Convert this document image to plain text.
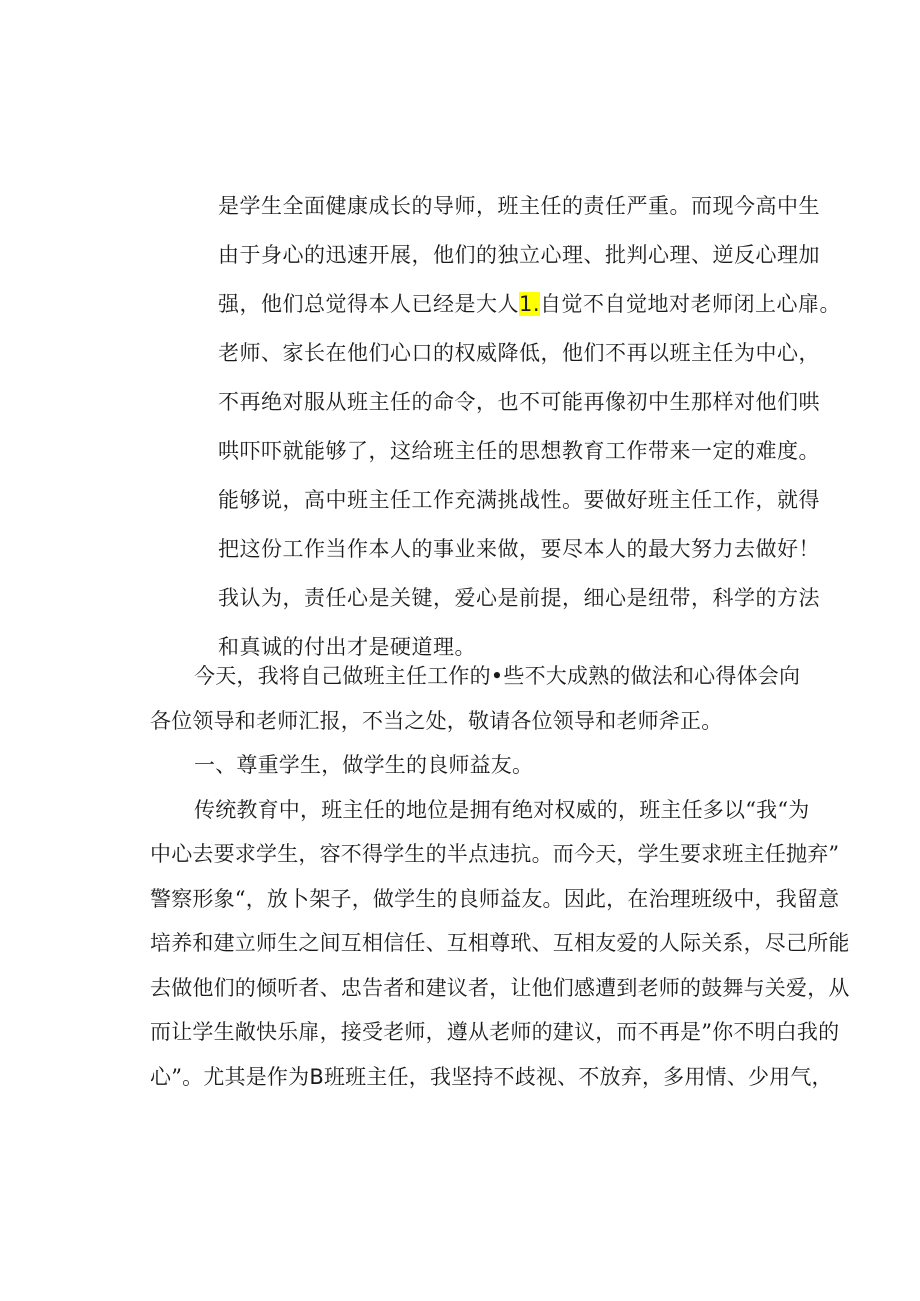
是学生全面健康成长的导师，班主任的责任严重。而现今高中生
由于身心的迅速开展，他们的独立心理、批判心理、逆反心理加
强，他们总觉得本人已经是大人1.自觉不自觉地对老师闭上心扉。
老师、家长在他们心口的权威降低，他们不再以班主任为中心，
不再绝对服从班主任的命令，也不可能再像初中生那样对他们哄
哄吓吓就能够了，这给班主任的思想教育工作带来一定的难度。
能够说，高中班主任工作充满挑战性。要做好班主任工作，就得
把这份工作当作本人的事业来做，要尽本人的最大努力去做好！
我认为，责任心是关键，爱心是前提，细心是纽带，科学的方法
和真诚的付出才是硬道理。
今天，我将自己做班主任工作的•些不大成熟的做法和心得体会向
各位领导和老师汇报，不当之处，敬请各位领导和老师斧正。
一、尊重学生，做学生的良师益友。
传统教育中，班主任的地位是拥有绝对权威的，班主任多以“我“为
中心去要求学生，容不得学生的半点违抗。而今天，学生要求班主任抛弃”
警察形象“，放卜架子，做学生的良师益友。因此，在治理班级中，我留意
培养和建立师生之间互相信任、互相尊玳、互相友爱的人际关系，尽己所能
去做他们的倾听者、忠告者和建议者，让他们感遭到老师的鼓舞与关爱，从
而让学生敞快乐扉，接受老师，遵从老师的建议，而不再是”你不明白我的
心”。尤其是作为B班班主任，我坚持不歧视、不放弃，多用情、少用气，
